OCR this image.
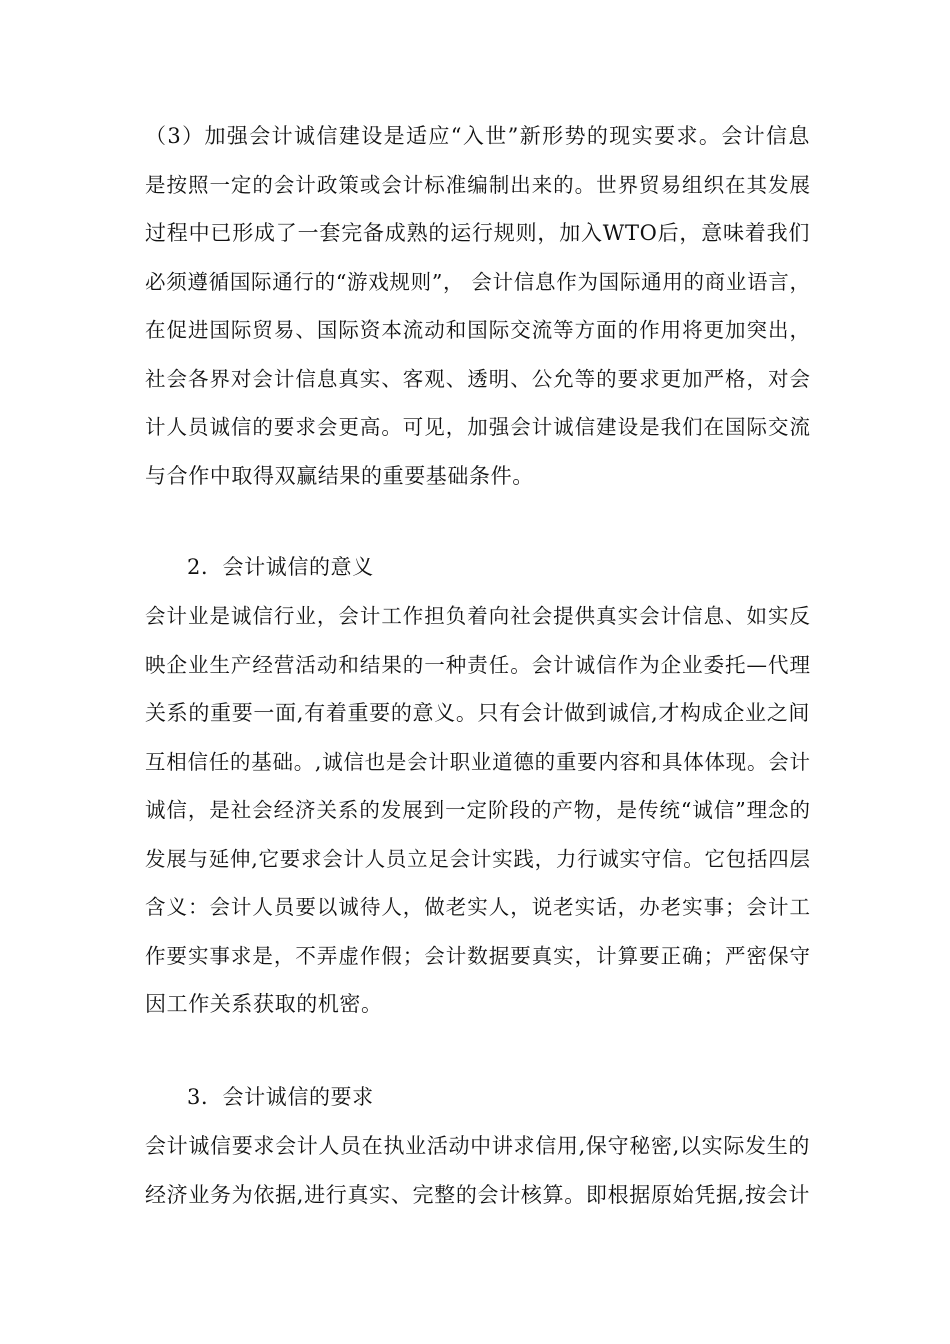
（3）加强会计诚信建设是适应“入世”新形势的现实要求。会计信息
是按照一定的会计政策或会计标准编制出来的。世界贸易组织在其发展
过程中已形成了一套完备成熟的运行规则，加入WTO后，意味着我们
必须遵循国际通行的“游戏规则”， 会计信息作为国际通用的商业语言，
在促进国际贸易、国际资本流动和国际交流等方面的作用将更加突出，
社会各界对会计信息真实、客观、透明、公允等的要求更加严格，对会
计人员诚信的要求会更高。可见，加强会计诚信建设是我们在国际交流
与合作中取得双赢结果的重要基础条件。
2．会计诚信的意义
会计业是诚信行业，会计工作担负着向社会提供真实会计信息、如实反
映企业生产经营活动和结果的一种责任。会计诚信作为企业委托—代理
关系的重要一面,有着重要的意义。只有会计做到诚信,才构成企业之间
互相信任的基础。,诚信也是会计职业道德的重要内容和具体体现。会计
诚信，是社会经济关系的发展到一定阶段的产物，是传统“诚信”理念的
发展与延伸,它要求会计人员立足会计实践，力行诚实守信。它包括四层
含义：会计人员要以诚待人，做老实人，说老实话，办老实事；会计工
作要实事求是，不弄虚作假；会计数据要真实，计算要正确；严密保守
因工作关系获取的机密。
3．会计诚信的要求
会计诚信要求会计人员在执业活动中讲求信用,保守秘密,以实际发生的
经济业务为依据,进行真实、完整的会计核算。即根据原始凭据,按会计
